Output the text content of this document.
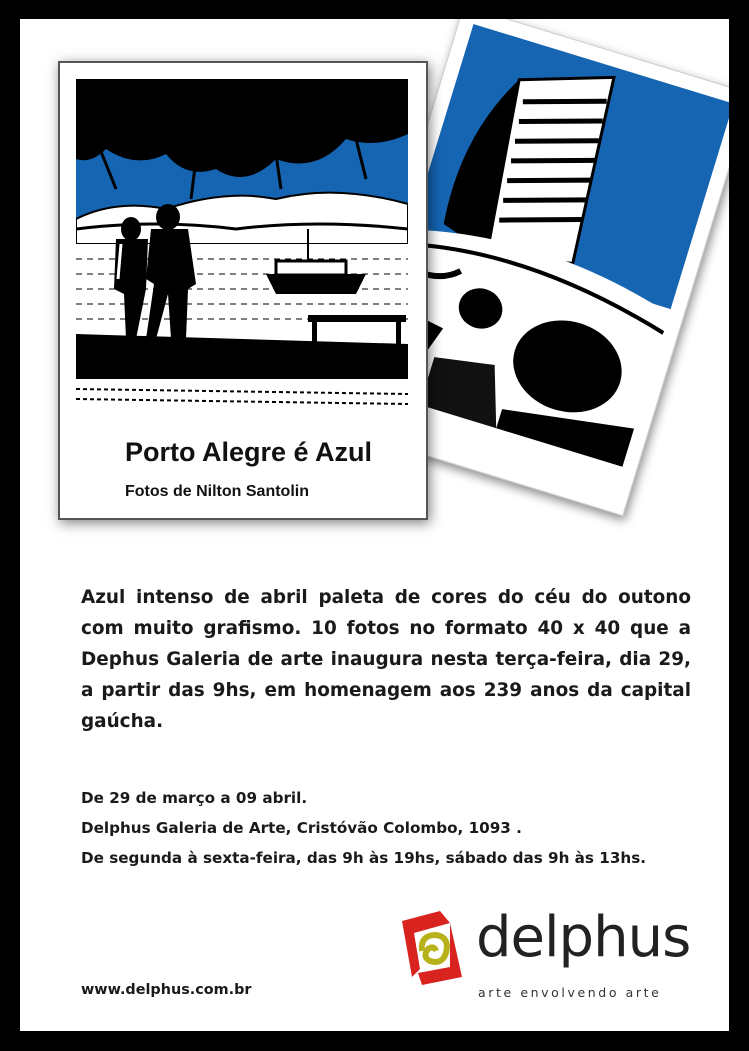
Porto Alegre é Azul
Fotos de Nilton Santolin
Azul intenso de abril paleta de cores do céu do outono com muito grafismo. 10 fotos no formato 40 x 40 que a Dephus Galeria de arte inaugura nesta terça-feira, dia 29, a partir das 9hs, em homenagem aos 239 anos da capital gaúcha.
De 29 de março a 09 abril.
Delphus Galeria de Arte, Cristóvão Colombo, 1093 .
De segunda à sexta-feira, das 9h às 19hs, sábado das 9h às 13hs.
www.delphus.com.br
delphus
arte envolvendo arte
